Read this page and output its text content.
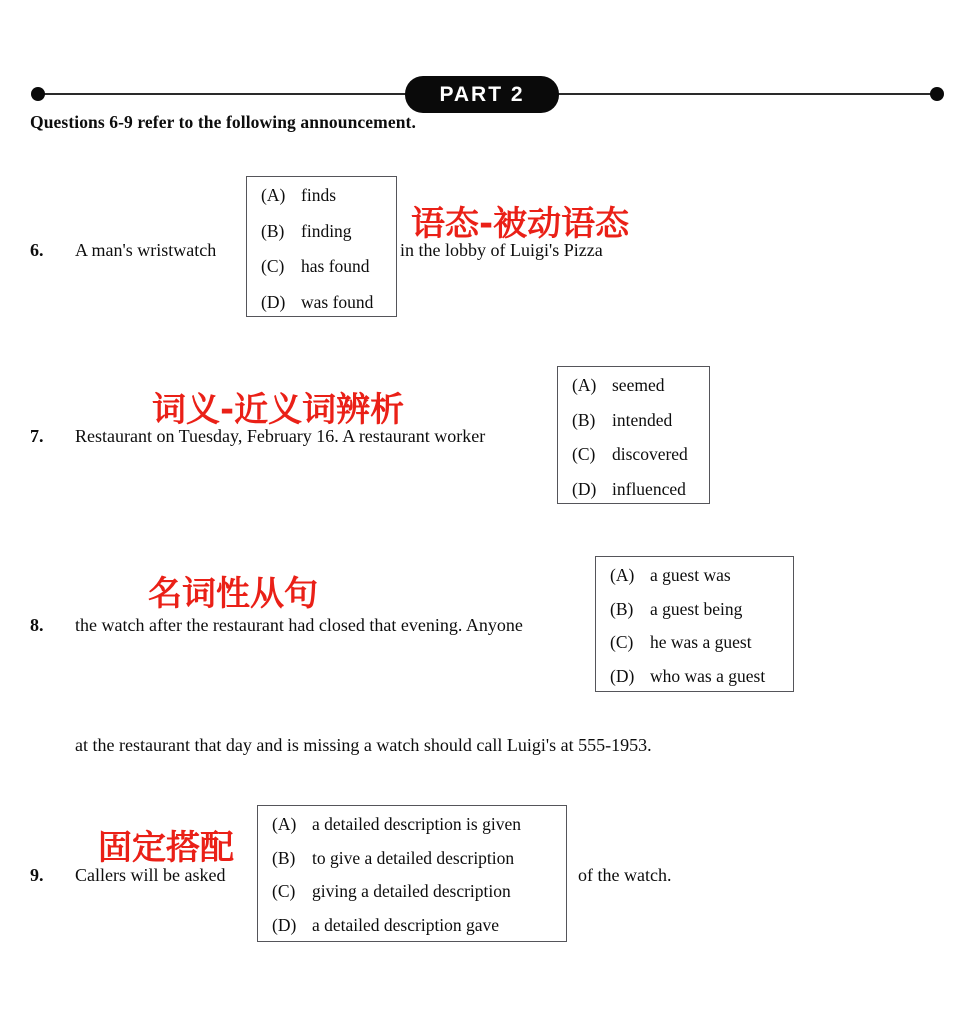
PART 2
Questions 6-9 refer to the following announcement.
6. A man's wristwatch	in the lobby of Luigi's Pizza
语态-被动语态
(A) finds
(B) finding
(C) has found
(D) was found
7. Restaurant on Tuesday, February 16. A restaurant worker
词义-近义词辨析
(A) seemed
(B) intended
(C) discovered
(D) influenced
8. the watch after the restaurant had closed that evening. Anyone
名词性从句	(A) a guest was
(B) a guest being
(C) he was a guest
(D) who was a guest
at the restaurant that day and is missing a watch should call Luigi's at 555-1953.
9. Callers will be asked	of the watch.
固定搭配
(A) a detailed description is given
(B) to give a detailed description
(C) giving a detailed description
(D) a detailed description gave
